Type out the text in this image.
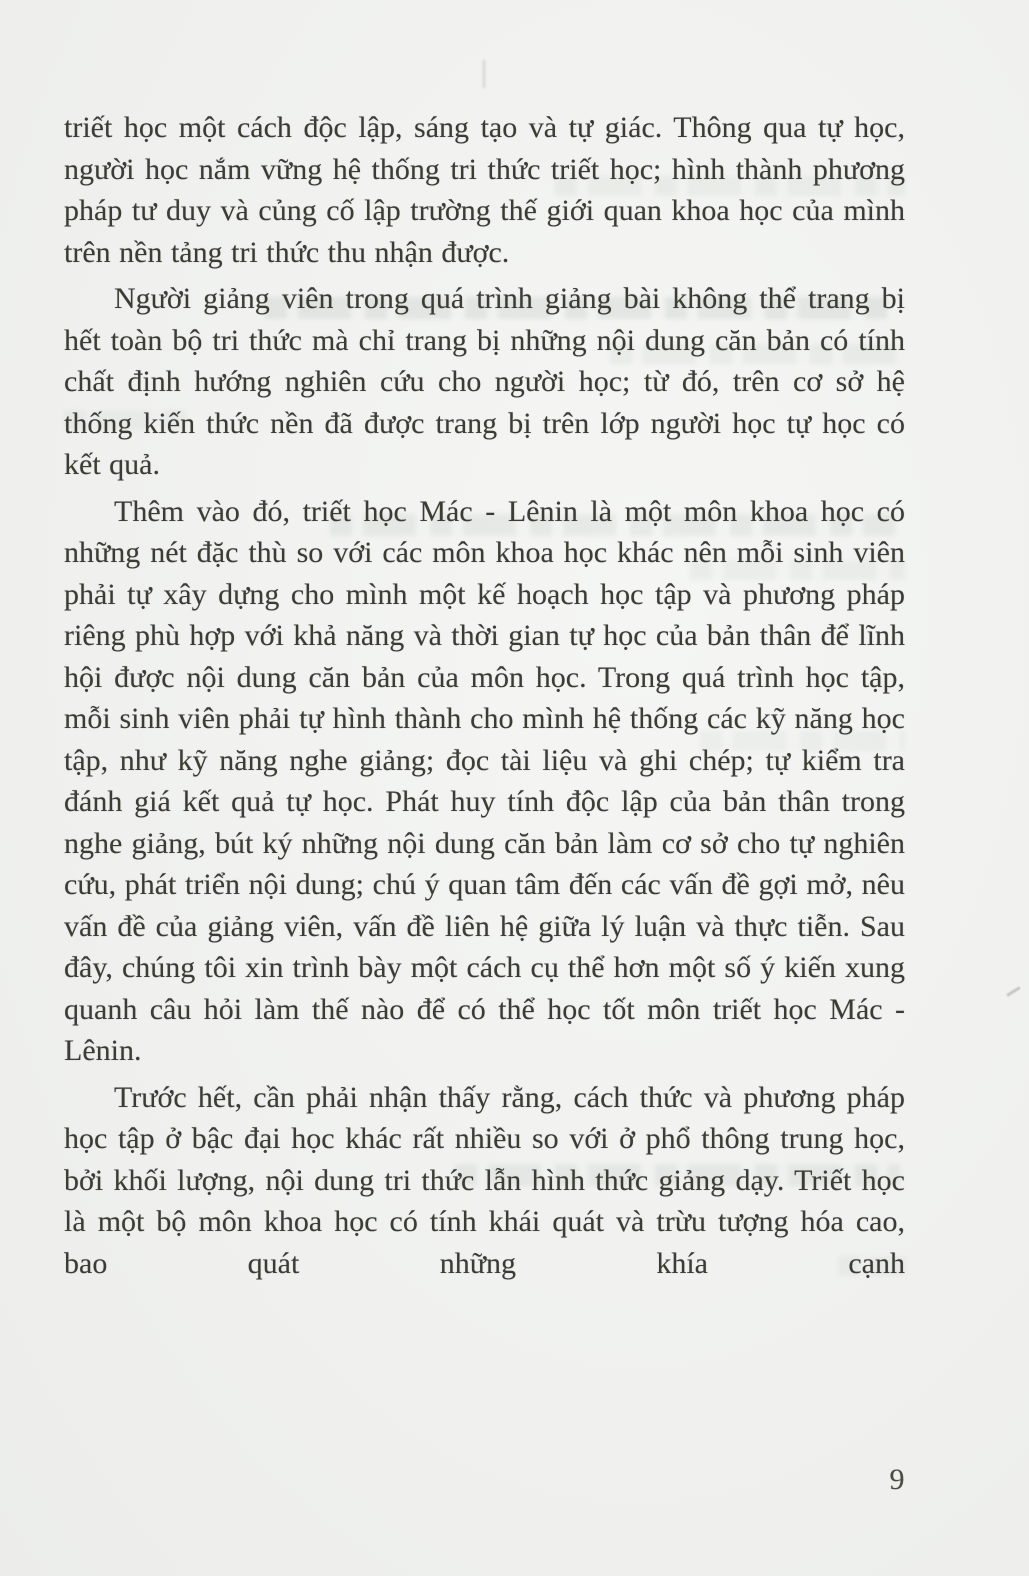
triết học một cách độc lập, sáng tạo và tự giác. Thông qua tự học, người học nắm vững hệ thống tri thức triết học; hình thành phương pháp tư duy và củng cố lập trường thế giới quan khoa học của mình trên nền tảng tri thức thu nhận được.

Người giảng viên trong quá trình giảng bài không thể trang bị hết toàn bộ tri thức mà chỉ trang bị những nội dung căn bản có tính chất định hướng nghiên cứu cho người học; từ đó, trên cơ sở hệ thống kiến thức nền đã được trang bị trên lớp người học tự học có kết quả.

Thêm vào đó, triết học Mác - Lênin là một môn khoa học có những nét đặc thù so với các môn khoa học khác nên mỗi sinh viên phải tự xây dựng cho mình một kế hoạch học tập và phương pháp riêng phù hợp với khả năng và thời gian tự học của bản thân để lĩnh hội được nội dung căn bản của môn học. Trong quá trình học tập, mỗi sinh viên phải tự hình thành cho mình hệ thống các kỹ năng học tập, như kỹ năng nghe giảng; đọc tài liệu và ghi chép; tự kiểm tra đánh giá kết quả tự học. Phát huy tính độc lập của bản thân trong nghe giảng, bút ký những nội dung căn bản làm cơ sở cho tự nghiên cứu, phát triển nội dung; chú ý quan tâm đến các vấn đề gợi mở, nêu vấn đề của giảng viên, vấn đề liên hệ giữa lý luận và thực tiễn. Sau đây, chúng tôi xin trình bày một cách cụ thể hơn một số ý kiến xung quanh câu hỏi làm thế nào để có thể học tốt môn triết học Mác - Lênin.

Trước hết, cần phải nhận thấy rằng, cách thức và phương pháp học tập ở bậc đại học khác rất nhiều so với ở phổ thông trung học, bởi khối lượng, nội dung tri thức lẫn hình thức giảng dạy. Triết học là một bộ môn khoa học có tính khái quát và trừu tượng hóa cao, bao quát những khía cạnh

9
